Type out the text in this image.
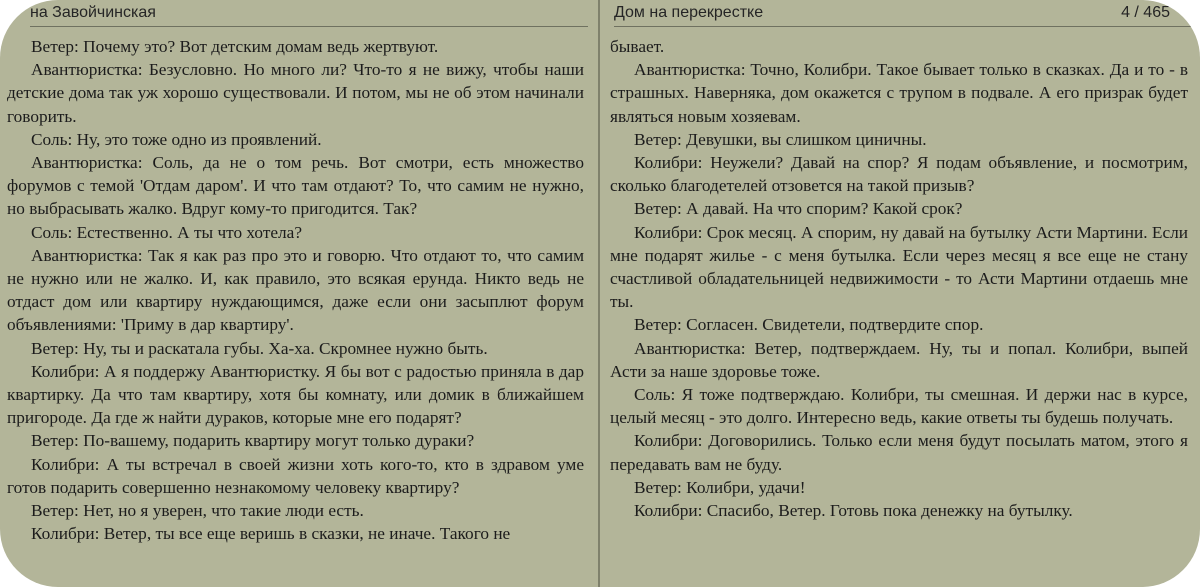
на Завойчинская

Ветер: Почему это? Вот детским домам ведь жертвуют.

Авантюристка: Безусловно. Но много ли? Что-то я не вижу, чтобы наши детские дома так уж хорошо существовали. И потом, мы не об этом начинали говорить.

Соль: Ну, это тоже одно из проявлений.

Авантюристка: Соль, да не о том речь. Вот смотри, есть множество форумов с темой 'Отдам даром'. И что там отдают? То, что самим не нужно, но выбрасывать жалко. Вдруг кому-то пригодится. Так?

Соль: Естественно. А ты что хотела?

Авантюристка: Так я как раз про это и говорю. Что отдают то, что самим не нужно или не жалко. И, как правило, это всякая ерунда. Никто ведь не отдаст дом или квартиру нуждающимся, даже если они засыплют форум объявлениями: 'Приму в дар квартиру'.

Ветер: Ну, ты и раскатала губы. Ха-ха. Скромнее нужно быть.

Колибри: А я поддержу Авантюристку. Я бы вот с радостью приняла в дар квартирку. Да что там квартиру, хотя бы комнату, или домик в ближайшем пригороде. Да где ж найти дураков, которые мне его подарят?

Ветер: По-вашему, подарить квартиру могут только дураки?

Колибри: А ты встречал в своей жизни хоть кого-то, кто в здравом уме готов подарить совершенно незнакомому человеку квартиру?

Ветер: Нет, но я уверен, что такие люди есть.

Колибри: Ветер, ты все еще веришь в сказки, не иначе. Такого не

Дом на перекрестке	4 / 465

бывает.

Авантюристка: Точно, Колибри. Такое бывает только в сказках. Да и то - в страшных. Наверняка, дом окажется с трупом в подвале. А его призрак будет являться новым хозяевам.

Ветер: Девушки, вы слишком циничны.

Колибри: Неужели? Давай на спор? Я подам объявление, и посмотрим, сколько благодетелей отзовется на такой призыв?

Ветер: А давай. На что спорим? Какой срок?

Колибри: Срок месяц. А спорим, ну давай на бутылку Асти Мартини. Если мне подарят жилье - с меня бутылка. Если через месяц я все еще не стану счастливой обладательницей недвижимости - то Асти Мартини отдаешь мне ты.

Ветер: Согласен. Свидетели, подтвердите спор.

Авантюристка: Ветер, подтверждаем. Ну, ты и попал. Колибри, выпей Асти за наше здоровье тоже.

Соль: Я тоже подтверждаю. Колибри, ты смешная. И держи нас в курсе, целый месяц - это долго. Интересно ведь, какие ответы ты будешь получать.

Колибри: Договорились. Только если меня будут посылать матом, этого я передавать вам не буду.

Ветер: Колибри, удачи!

Колибри: Спасибо, Ветер. Готовь пока денежку на бутылку.
